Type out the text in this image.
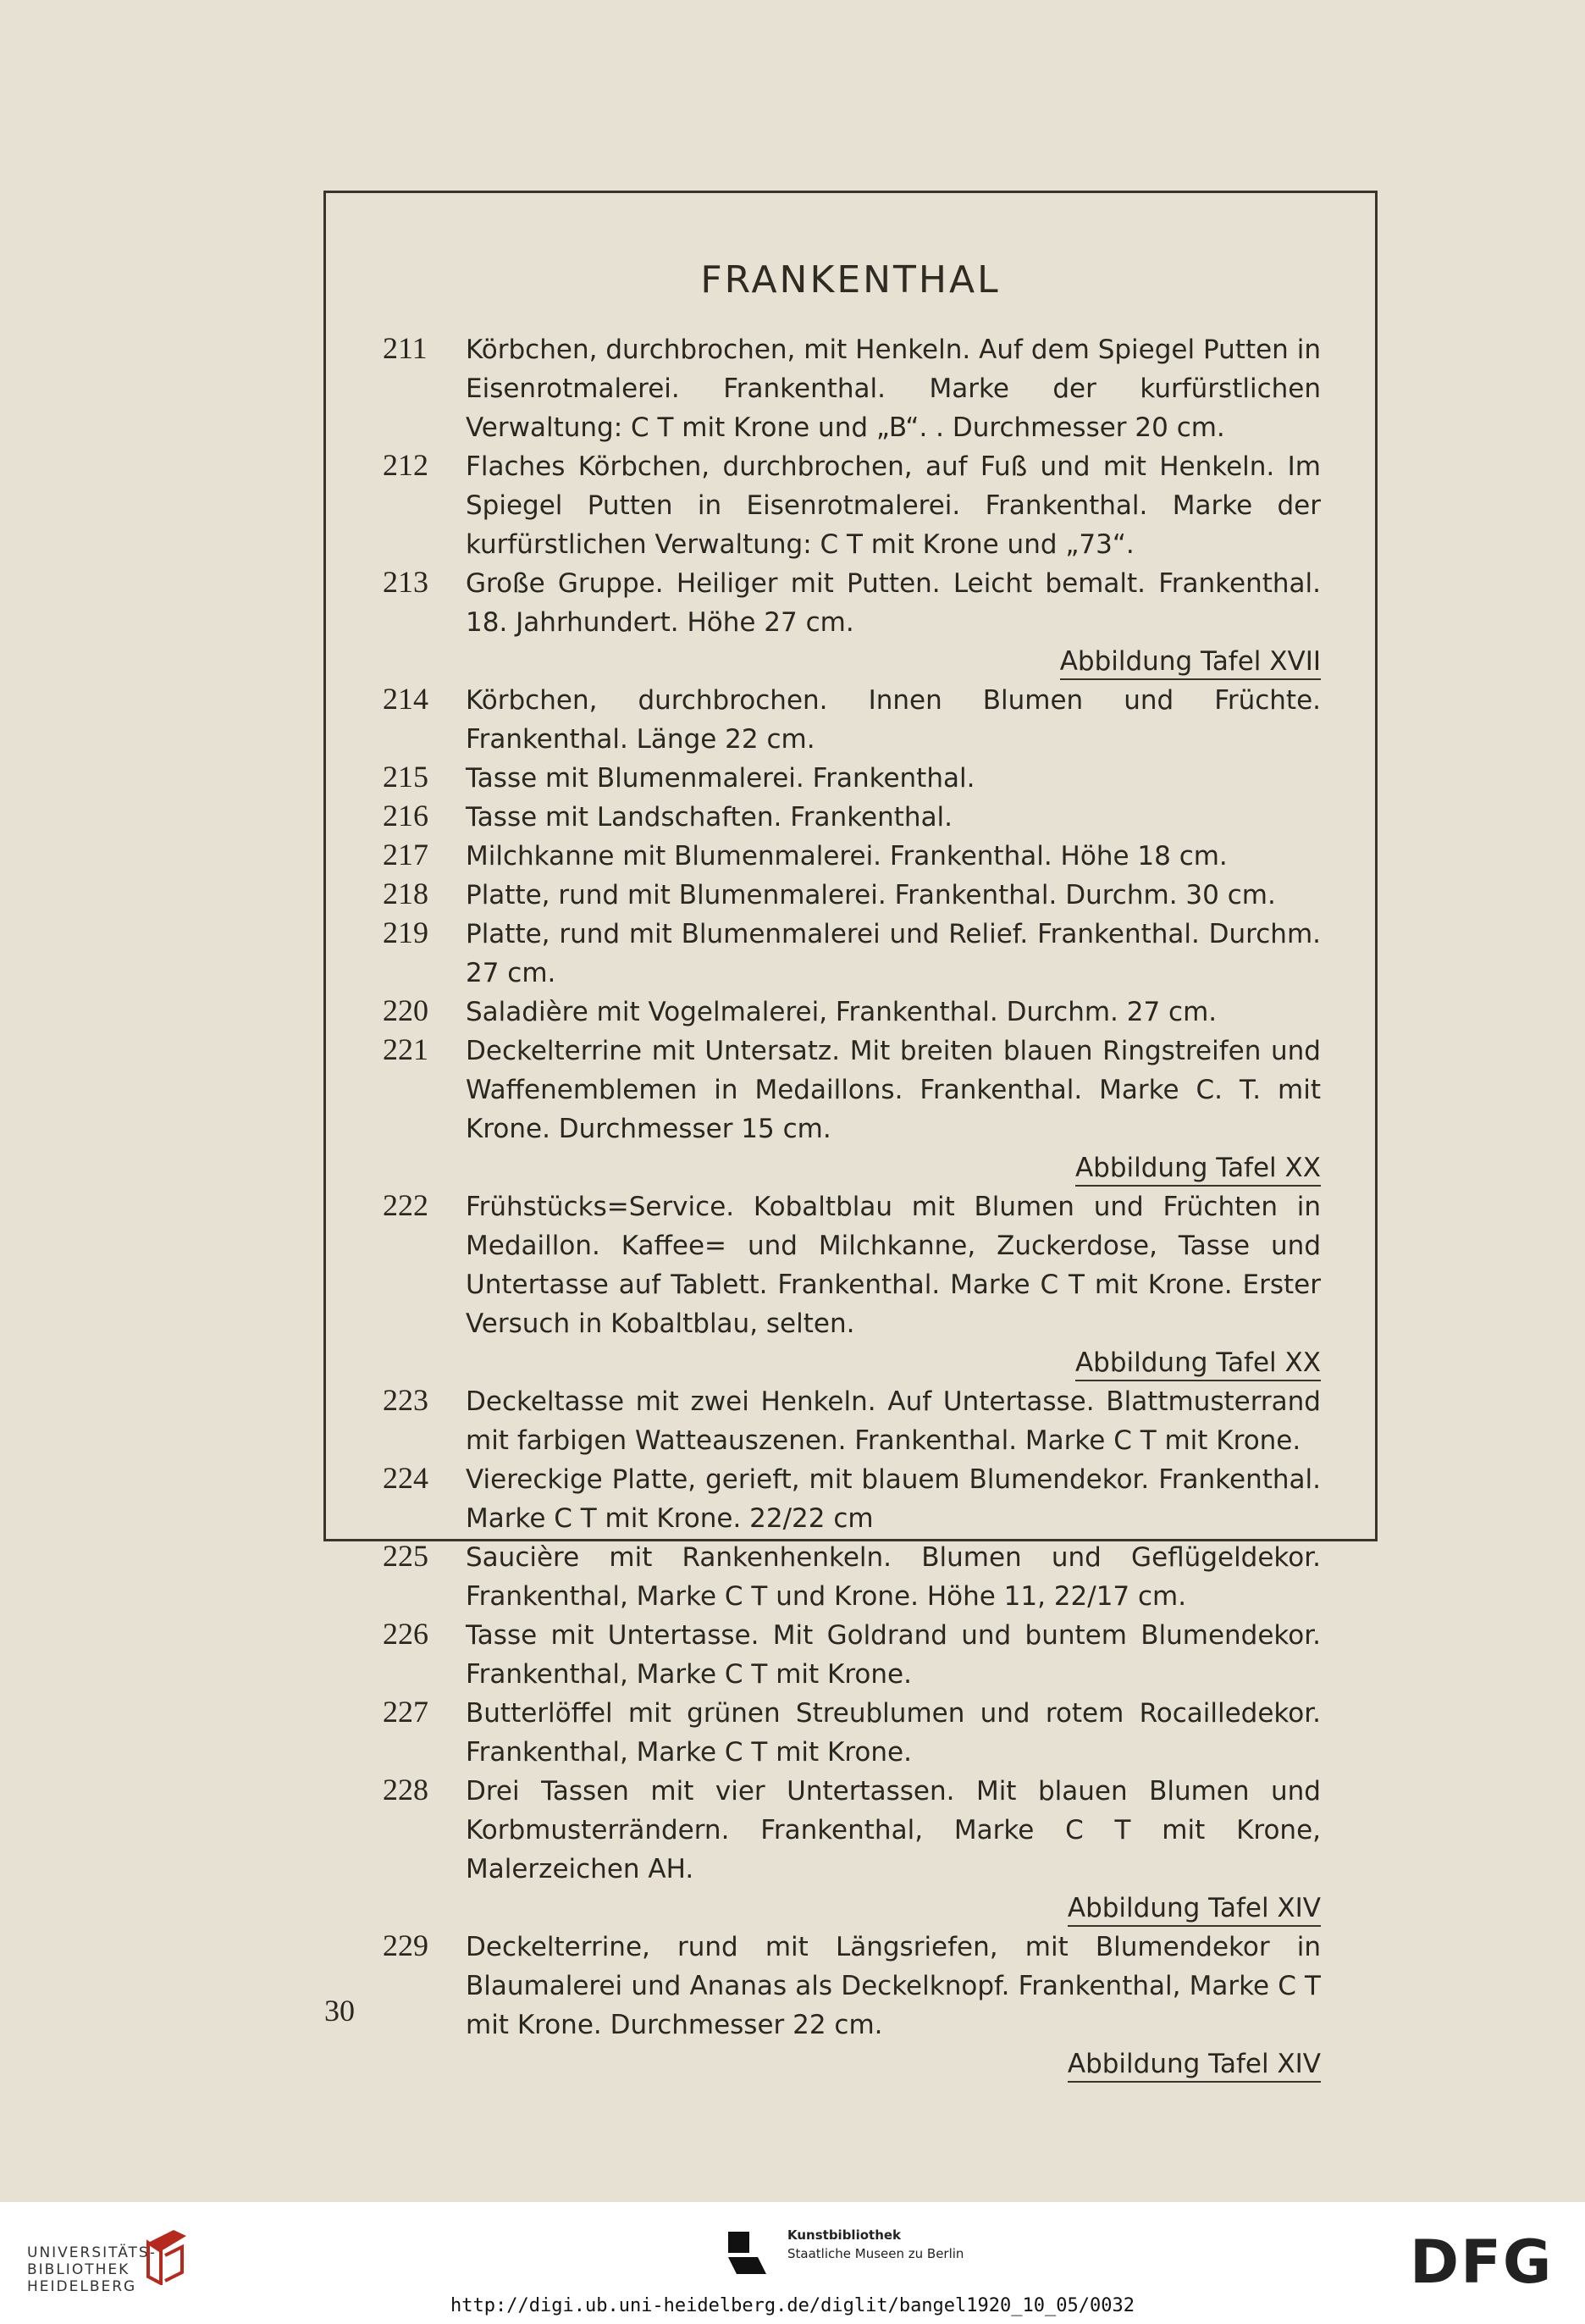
FRANKENTHAL
211 Körbchen, durchbrochen, mit Henkeln. Auf dem Spiegel Putten in Eisenrotmalerei. Frankenthal. Marke der kurfürstlichen Verwaltung: C T mit Krone und „B“. . Durchmesser 20 cm.
212 Flaches Körbchen, durchbrochen, auf Fuß und mit Henkeln. Im Spiegel Putten in Eisenrotmalerei. Frankenthal. Marke der kurfürstlichen Verwaltung: C T mit Krone und „73“.
213 Große Gruppe. Heiliger mit Putten. Leicht bemalt. Frankenthal. 18. Jahrhundert. Höhe 27 cm.
Abbildung Tafel XVII
214 Körbchen, durchbrochen. Innen Blumen und Früchte. Frankenthal. Länge 22 cm.
215 Tasse mit Blumenmalerei. Frankenthal.
216 Tasse mit Landschaften. Frankenthal.
217 Milchkanne mit Blumenmalerei. Frankenthal. Höhe 18 cm.
218 Platte, rund mit Blumenmalerei. Frankenthal. Durchm. 30 cm.
219 Platte, rund mit Blumenmalerei und Relief. Frankenthal. Durchm. 27 cm.
220 Saladière mit Vogelmalerei, Frankenthal. Durchm. 27 cm.
221 Deckelterrine mit Untersatz. Mit breiten blauen Ringstreifen und Waffenemblemen in Medaillons. Frankenthal. Marke C. T. mit Krone. Durchmesser 15 cm.
Abbildung Tafel XX
222 Frühstücks=Service. Kobaltblau mit Blumen und Früchten in Medaillon. Kaffee= und Milchkanne, Zuckerdose, Tasse und Untertasse auf Tablett. Frankenthal. Marke C T mit Krone. Erster Versuch in Kobaltblau, selten.
Abbildung Tafel XX
223 Deckeltasse mit zwei Henkeln. Auf Untertasse. Blattmusterrand mit farbigen Watteauszenen. Frankenthal. Marke C T mit Krone.
224 Viereckige Platte, gerieft, mit blauem Blumendekor. Frankenthal. Marke C T mit Krone. 22/22 cm
225 Saucière mit Rankenhenkeln. Blumen und Geflügeldekor. Frankenthal, Marke C T und Krone. Höhe 11, 22/17 cm.
226 Tasse mit Untertasse. Mit Goldrand und buntem Blumendekor. Frankenthal, Marke C T mit Krone.
227 Butterlöffel mit grünen Streublumen und rotem Rocailledekor. Frankenthal, Marke C T mit Krone.
228 Drei Tassen mit vier Untertassen. Mit blauen Blumen und Korbmusterrändern. Frankenthal, Marke C T mit Krone, Malerzeichen AH.
Abbildung Tafel XIV
229 Deckelterrine, rund mit Längsriefen, mit Blumendekor in Blaumalerei und Ananas als Deckelknopf. Frankenthal, Marke C T mit Krone. Durchmesser 22 cm.
Abbildung Tafel XIV
30
UNIVERSITÄTS-
BIBLIOTHEK
HEIDELBERG
Kunstbibliothek
Staatliche Museen zu Berlin	DFG
http://digi.ub.uni-heidelberg.de/diglit/bangel1920_10_05/0032
